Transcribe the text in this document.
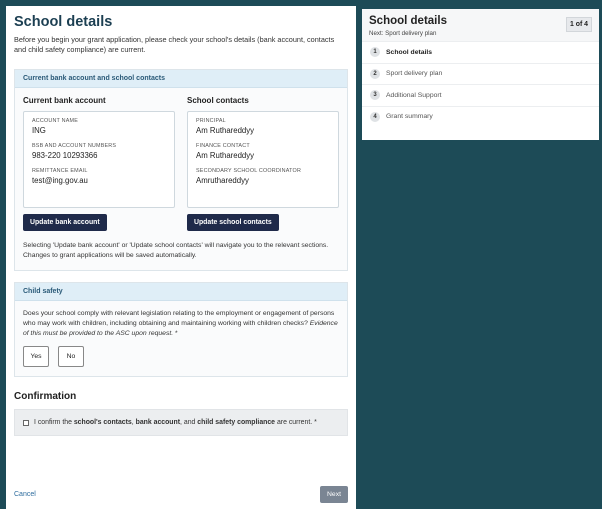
School details
Before you begin your grant application, please check your school's details (bank account, contacts and child safety compliance) are current.
Current bank account and school contacts
Current bank account
ACCOUNT NAME
ING
BSB AND ACCOUNT NUMBERS
983-220 10293366
REMITTANCE EMAIL
test@ing.gov.au
Update bank account
School contacts
PRINCIPAL
Am Ruthareddyy
FINANCE CONTACT
Am Ruthareddyy
SECONDARY SCHOOL COORDINATOR
Amruthareddyy
Update school contacts
Selecting 'Update bank account' or 'Update school contacts' will navigate you to the relevant sections. Changes to grant applications will be saved automatically.
Child safety
Does your school comply with relevant legislation relating to the employment or engagement of persons who may work with children, including obtaining and maintaining working with children checks? Evidence of this must be provided to the ASC upon request. *
Yes	No
Confirmation
I confirm the school's contacts, bank account, and child safety compliance are current. *
Cancel	Next
School details
Next: Sport delivery plan
1 of 4
1	School details
2	Sport delivery plan
3	Additional Support
4	Grant summary
